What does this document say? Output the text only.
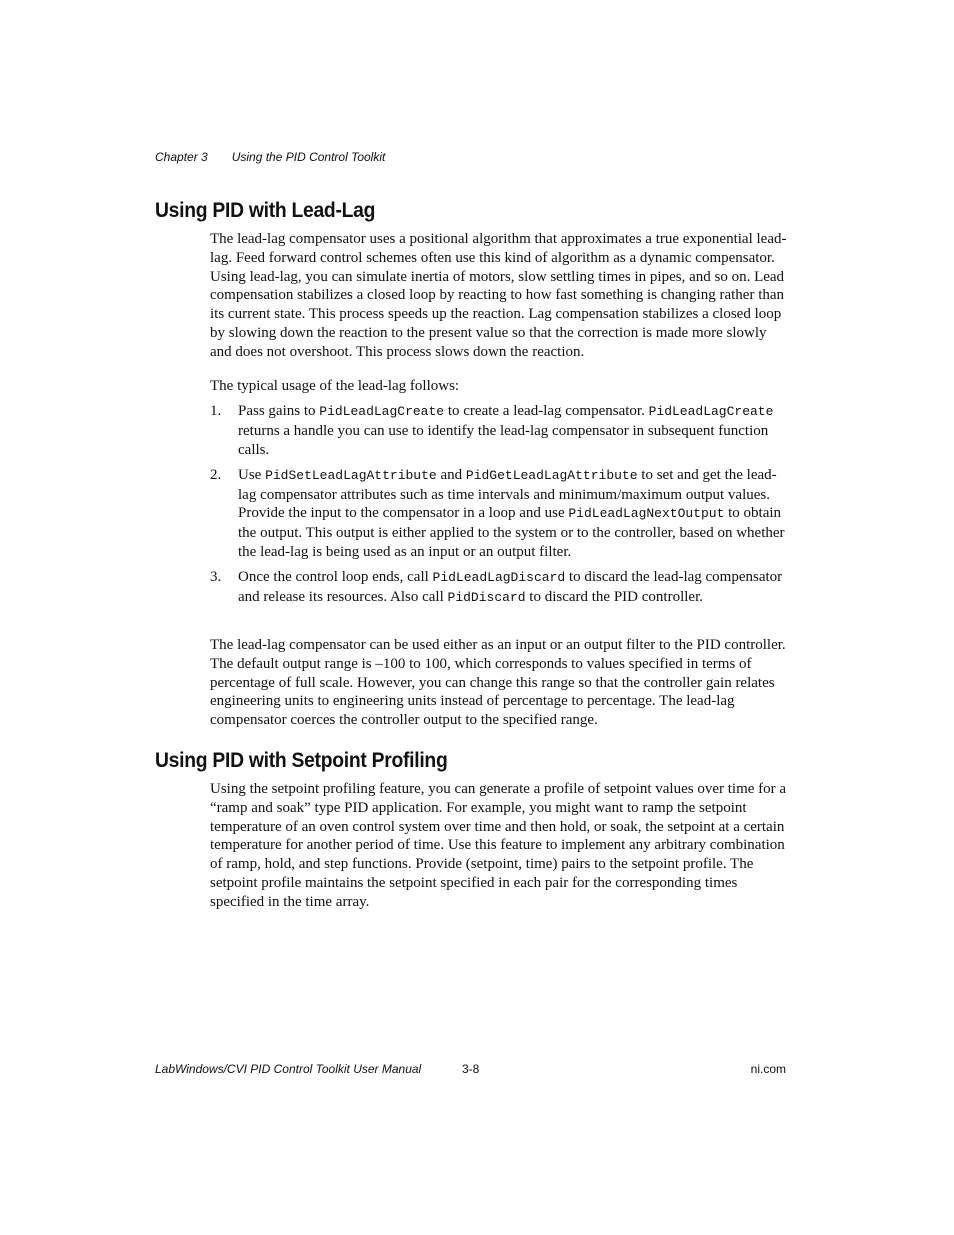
Chapter 3 Using the PID Control Toolkit
Using PID with Lead-Lag

The lead-lag compensator uses a positional algorithm that approximates a true exponential lead-lag. Feed forward control schemes often use this kind of algorithm as a dynamic compensator. Using lead-lag, you can simulate inertia of motors, slow settling times in pipes, and so on. Lead compensation stabilizes a closed loop by reacting to how fast something is changing rather than its current state. This process speeds up the reaction. Lag compensation stabilizes a closed loop by slowing down the reaction to the present value so that the correction is made more slowly and does not overshoot. This process slows down the reaction.

The typical usage of the lead-lag follows:

1. Pass gains to PidLeadLagCreate to create a lead-lag compensator. PidLeadLagCreate returns a handle you can use to identify the lead-lag compensator in subsequent function calls.
2. Use PidSetLeadLagAttribute and PidGetLeadLagAttribute to set and get the lead-lag compensator attributes such as time intervals and minimum/maximum output values. Provide the input to the compensator in a loop and use PidLeadLagNextOutput to obtain the output. This output is either applied to the system or to the controller, based on whether the lead-lag is being used as an input or an output filter.
3. Once the control loop ends, call PidLeadLagDiscard to discard the lead-lag compensator and release its resources. Also call PidDiscard to discard the PID controller.

The lead-lag compensator can be used either as an input or an output filter to the PID controller. The default output range is –100 to 100, which corresponds to values specified in terms of percentage of full scale. However, you can change this range so that the controller gain relates engineering units to engineering units instead of percentage to percentage. The lead-lag compensator coerces the controller output to the specified range.

Using PID with Setpoint Profiling

Using the setpoint profiling feature, you can generate a profile of setpoint values over time for a “ramp and soak” type PID application. For example, you might want to ramp the setpoint temperature of an oven control system over time and then hold, or soak, the setpoint at a certain temperature for another period of time. Use this feature to implement any arbitrary combination of ramp, hold, and step functions. Provide (setpoint, time) pairs to the setpoint profile. The setpoint profile maintains the setpoint specified in each pair for the corresponding times specified in the time array.

LabWindows/CVI PID Control Toolkit User Manual	3-8	ni.com
